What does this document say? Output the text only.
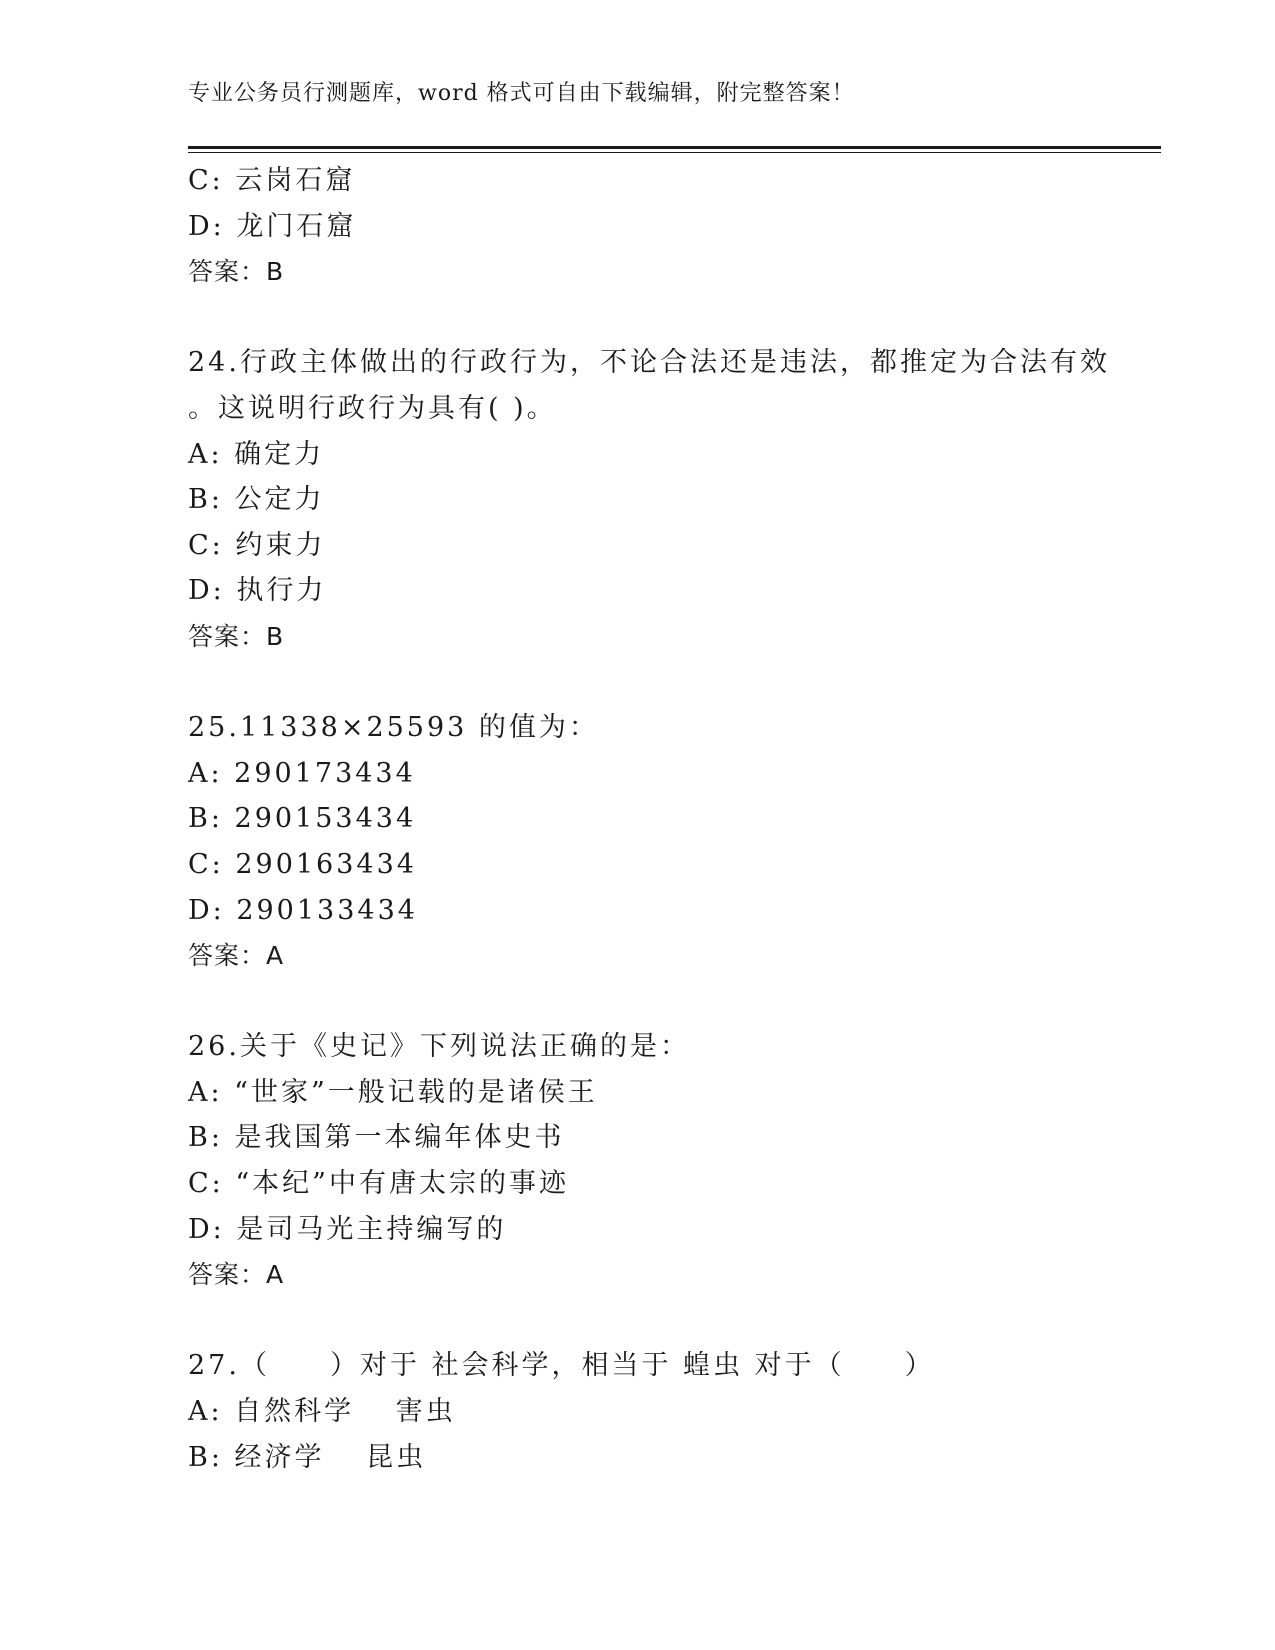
专业公务员行测题库，word 格式可自由下载编辑，附完整答案！
C: 云岗石窟
D: 龙门石窟
答案：B
24.行政主体做出的行政行为，不论合法还是违法，都推定为合法有效
。这说明行政行为具有( )。
A: 确定力
B: 公定力
C: 约束力
D: 执行力
答案：B
25.11338×25593 的值为：
A: 290173434
B: 290153434
C: 290163434
D: 290133434
答案：A
26.关于《史记》下列说法正确的是：
A: “世家”一般记载的是诸侯王
B: 是我国第一本编年体史书
C: “本纪”中有唐太宗的事迹
D: 是司马光主持编写的
答案：A
27.（　　）对于 社会科学，相当于 蝗虫 对于（　　）
A: 自然科学　 害虫
B: 经济学　 昆虫
